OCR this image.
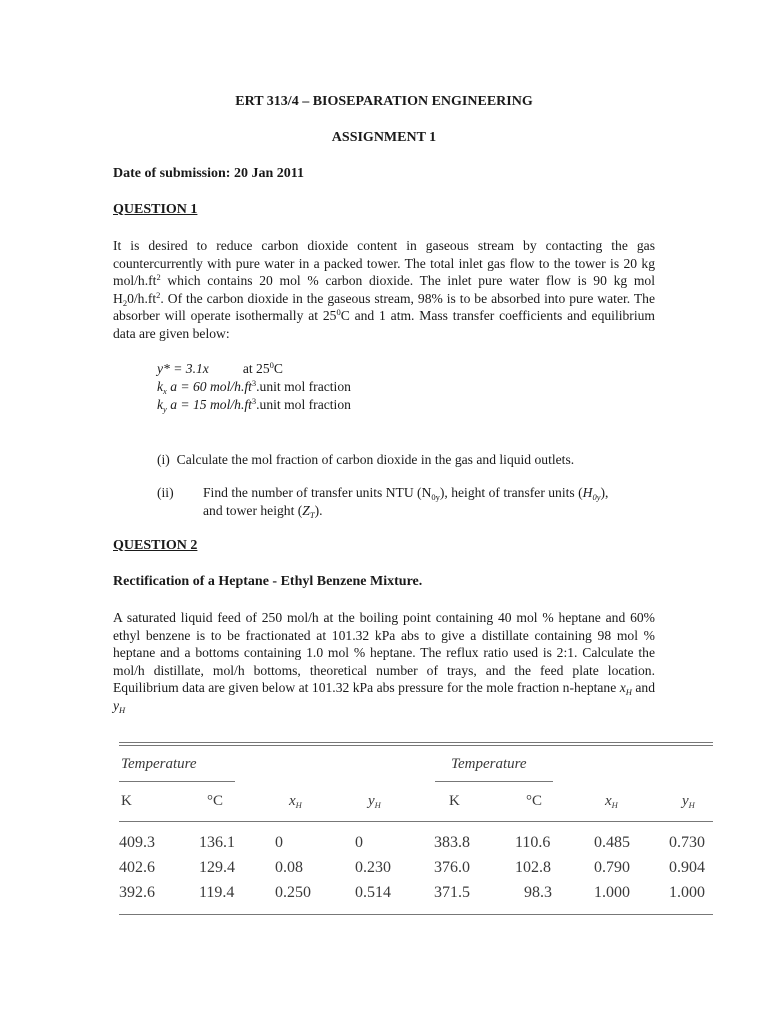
ERT 313/4 – BIOSEPARATION ENGINEERING
ASSIGNMENT 1
Date of submission: 20 Jan 2011
QUESTION 1

It is desired to reduce carbon dioxide content in gaseous stream by contacting the gas countercurrently with pure water in a packed tower. The total inlet gas flow to the tower is 20 kg mol/$h.ft^2$ which contains 20 mol % carbon dioxide. The inlet pure water flow is 90 kg mol $H_20/h.ft^2$. Of the carbon dioxide in the gaseous stream, 98% is to be absorbed into pure water. The absorber will operate isothermally at $25^0C$ and 1 atm. Mass transfer coefficients and equilibrium data are given below:

y* = 3.1x	at $25^0C$
$k_x$ a = 60 mol/$h.ft^3.unit$ mol fraction
$k_y$ a = 15 mol/$h.ft^3.unit$ mol fraction
(i) Calculate the mol fraction of carbon dioxide in the gas and liquid outlets.
(ii) Find the number of transfer units NTU $(N_{0y})$, height of transfer units $(H_{0y})$,
and tower height $(Z_T)$.
QUESTION 2
Rectification of a Heptane - Ethyl Benzene Mixture.

A saturated liquid feed of 250 mol/h at the boiling point containing 40 mol % heptane and 60% ethyl benzene is to be fractionated at 101.32 kPa abs to give a distillate containing 98 mol % heptane and a bottoms containing 1.0 mol % heptane. The reflux ratio used is 2:1. Calculate the mol/h distillate, mol/h bottoms, theoretical number of trays, and the feed plate location. Equilibrium data are given below at 101.32 kPa abs pressure for the mole fraction n-heptane $x_H$ and $y_H$

Temperature	Temperature
K	°C	$x_H$	$y_H$	K	°C	$x_H$	$y_H$
409.3	136.1	0	0	383.8	110.6	0.485 0.730
402.6	129.4	0.08	0.230	376.0	102.8	0.790 0.904
392.6	119.4	0.250	0.514	371.5	98.3	1.000 1.000
